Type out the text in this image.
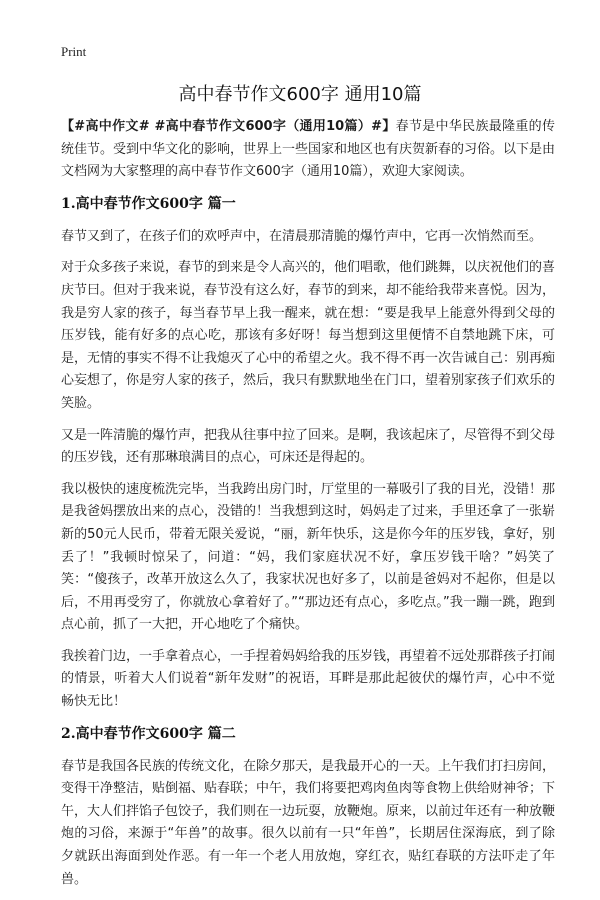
Print
高中春节作文600字 通用10篇

【#高中作文# #高中春节作文600字（通用10篇）#】春节是中华民族最隆重的传统佳节。受到中华文化的影响，世界上一些国家和地区也有庆贺新春的习俗。以下是由文档网为大家整理的高中春节作文600字（通用10篇），欢迎大家阅读。

1.高中春节作文600字 篇一

春节又到了，在孩子们的欢呼声中，在清晨那清脆的爆竹声中，它再一次悄然而至。

对于众多孩子来说，春节的到来是令人高兴的，他们唱歌，他们跳舞，以庆祝他们的喜庆节曰。但对于我来说，春节没有这么好，春节的到来，却不能给我带来喜悦。因为，我是穷人家的孩子，每当春节早上我一醒来，就在想：“要是我早上能意外得到父母的压岁钱，能有好多的点心吃，那该有多好呀！每当想到这里便情不自禁地跳下床，可是，无情的事实不得不让我熄灭了心中的希望之火。我不得不再一次告诫自己：别再痴心妄想了，你是穷人家的孩子，然后，我只有默默地坐在门口，望着别家孩子们欢乐的笑脸。

又是一阵清脆的爆竹声，把我从往事中拉了回来。是啊，我该起床了，尽管得不到父母的压岁钱，还有那琳琅满目的点心，可床还是得起的。

我以极快的速度梳洗完毕，当我跨出房门时，厅堂里的一幕吸引了我的目光，没错！那是我爸妈摆放出来的点心，没错的！当我想到这时，妈妈走了过来，手里还拿了一张崭新的50元人民币，带着无限关爱说，“丽，新年快乐，这是你今年的压岁钱，拿好，别丢了！”我顿时惊呆了，问道：“妈，我们家庭状况不好，拿压岁钱干啥？”妈笑了笑：“傻孩子，改革开放这么久了，我家状况也好多了，以前是爸妈对不起你，但是以后，不用再受穷了，你就放心拿着好了。”“那边还有点心，多吃点。”我一蹦一跳，跑到点心前，抓了一大把，开心地吃了个痛快。

我挨着门边，一手拿着点心，一手捏着妈妈给我的压岁钱，再望着不远处那群孩子打闹的情景，听着大人们说着“新年发财”的祝语，耳畔是那此起彼伏的爆竹声，心中不觉畅快无比！

2.高中春节作文600字 篇二

春节是我国各民族的传统文化，在除夕那天，是我最开心的一天。上午我们打扫房间，变得干净整洁，贴倒福、贴春联；中午，我们将要把鸡肉鱼肉等食物上供给财神爷；下午，大人们拌馅子包饺子，我们则在一边玩耍，放鞭炮。原来，以前过年还有一种放鞭炮的习俗，来源于“年兽”的故事。很久以前有一只“年兽”，长期居住深海底，到了除夕就跃出海面到处作恶。有一年一个老人用放炮，穿红衣，贴红春联的方法吓走了年兽。
